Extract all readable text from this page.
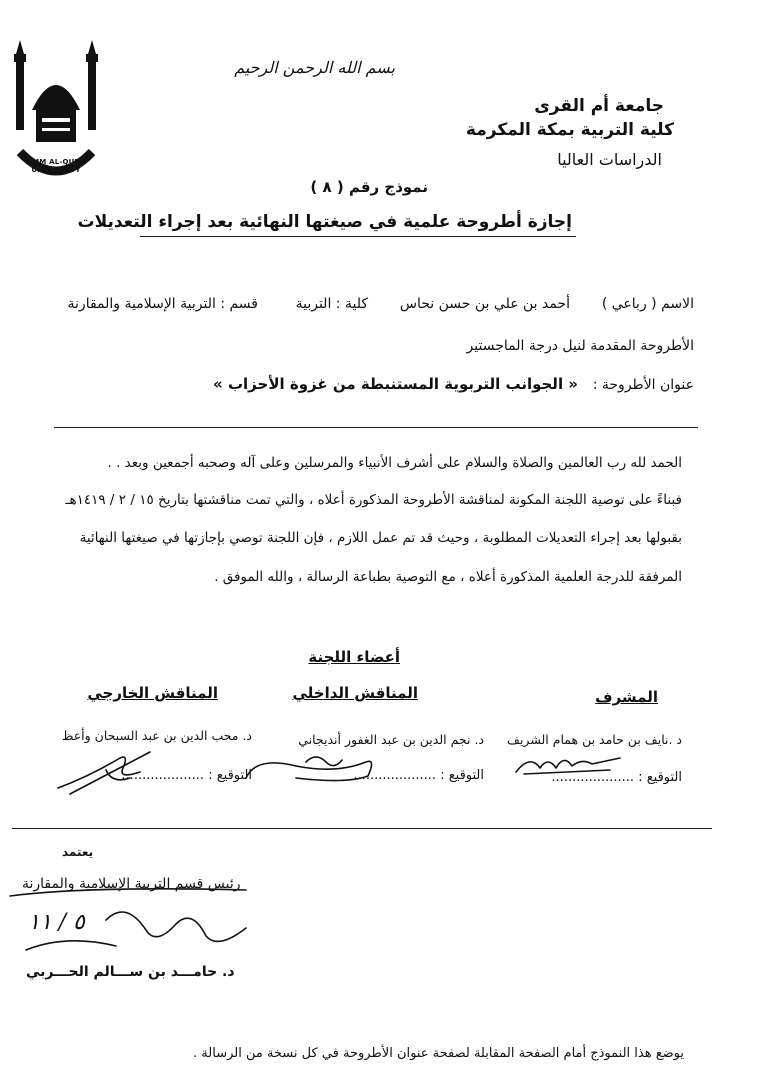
UMM AL-QURA UNIVERSITY
بسم الله الرحمن الرحيم
جامعة أم القرى
كلية التربية بمكة المكرمة
الدراسات العاليا
نموذج رقم ( ٨ )
إجازة أطروحة علمية في صيغتها النهائية بعد إجراء التعديلات
الاسم ( رباعي )
أحمد بن علي بن حسن نحاس
كلية : التربية
قسم : التربية الإسلامية والمقارنة
الأطروحة المقدمة لنيل درجة الماجستير
عنوان الأطروحة :
« الجوانب التربوية المستنبطة من غزوة الأحزاب »
الحمد لله رب العالمين والصلاة والسلام على أشرف الأنبياء والمرسلين وعلى آله وصحبه أجمعين وبعد . .
فبناءً على توصية اللجنة المكونة لمناقشة الأطروحة المذكورة أعلاه ، والتي تمت مناقشتها بتاريخ ١٥ / ٢ / ١٤١٩هـ
بقبولها بعد إجراء التعديلات المطلوبة ، وحيث قد تم عمل اللازم ، فإن اللجنة توصي بإجازتها في صيغتها النهائية
المرفقة للدرجة العلمية المذكورة أعلاه ، مع التوصية بطباعة الرسالة ، والله الموفق .
أعضاء اللجنة
المشرف
المناقش الداخلي
المناقش الخارجي
د .نايف بن حامد بن همام الشريف
د. نجم الدين بن عبد الغفور أنديجاني
د. محب الدين بن عبد السبحان وأعظ
التوقيع : ....................
التوقيع : ....................
التوقيع : ....................
يعتمد
رئيس قسم التربية الإسلامية والمقارنة
٥ / ١١
د. حامـــد بن ســـالم الحـــربي
يوضع هذا النموذج أمام الصفحة المقابلة لصفحة عنوان الأطروحة في كل نسخة من الرسالة .
